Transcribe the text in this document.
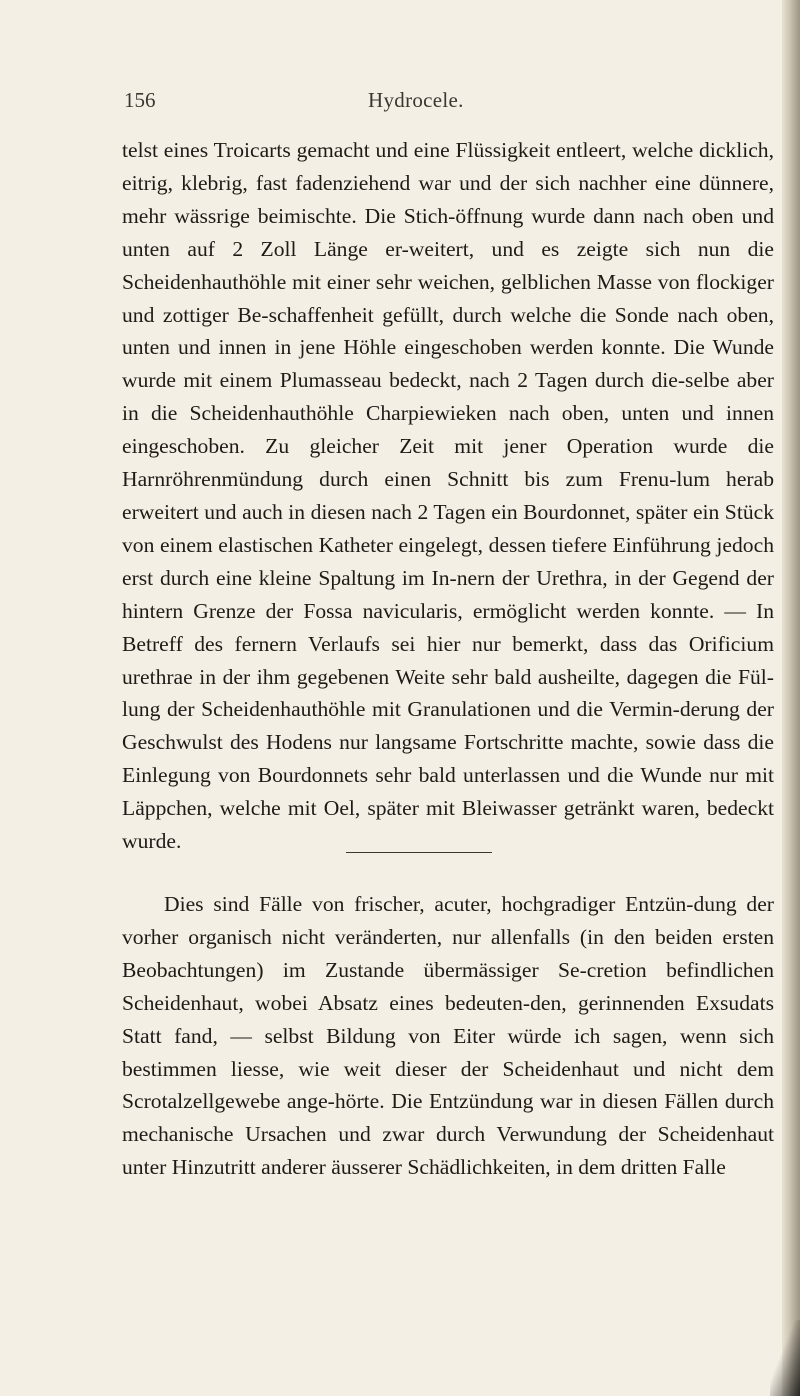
156	Hydrocele.

telst eines Troicarts gemacht und eine Flüssigkeit entleert, welche dicklich, eitrig, klebrig, fast fadenziehend war und der sich nachher eine dünnere, mehr wässrige beimischte. Die Stich-öffnung wurde dann nach oben und unten auf 2 Zoll Länge er-weitert, und es zeigte sich nun die Scheidenhauthöhle mit einer sehr weichen, gelblichen Masse von flockiger und zottiger Be-schaffenheit gefüllt, durch welche die Sonde nach oben, unten und innen in jene Höhle eingeschoben werden konnte. Die Wunde wurde mit einem Plumasseau bedeckt, nach 2 Tagen durch die-selbe aber in die Scheidenhauthöhle Charpiewieken nach oben, unten und innen eingeschoben. Zu gleicher Zeit mit jener Operation wurde die Harnröhrenmündung durch einen Schnitt bis zum Frenu-lum herab erweitert und auch in diesen nach 2 Tagen ein Bourdonnet, später ein Stück von einem elastischen Katheter eingelegt, dessen tiefere Einführung jedoch erst durch eine kleine Spaltung im In-nern der Urethra, in der Gegend der hintern Grenze der Fossa navicularis, ermöglicht werden konnte. — In Betreff des fernern Verlaufs sei hier nur bemerkt, dass das Orificium urethrae in der ihm gegebenen Weite sehr bald ausheilte, dagegen die Fül-lung der Scheidenhauthöhle mit Granulationen und die Vermin-derung der Geschwulst des Hodens nur langsame Fortschritte machte, sowie dass die Einlegung von Bourdonnets sehr bald unterlassen und die Wunde nur mit Läppchen, welche mit Oel, später mit Bleiwasser getränkt waren, bedeckt wurde.

Dies sind Fälle von frischer, acuter, hochgradiger Entzün-dung der vorher organisch nicht veränderten, nur allenfalls (in den beiden ersten Beobachtungen) im Zustande übermässiger Se-cretion befindlichen Scheidenhaut, wobei Absatz eines bedeuten-den, gerinnenden Exsudats Statt fand, — selbst Bildung von Eiter würde ich sagen, wenn sich bestimmen liesse, wie weit dieser der Scheidenhaut und nicht dem Scrotalzellgewebe ange-hörte. Die Entzündung war in diesen Fällen durch mechanische Ursachen und zwar durch Verwundung der Scheidenhaut unter Hinzutritt anderer äusserer Schädlichkeiten, in dem dritten Falle
